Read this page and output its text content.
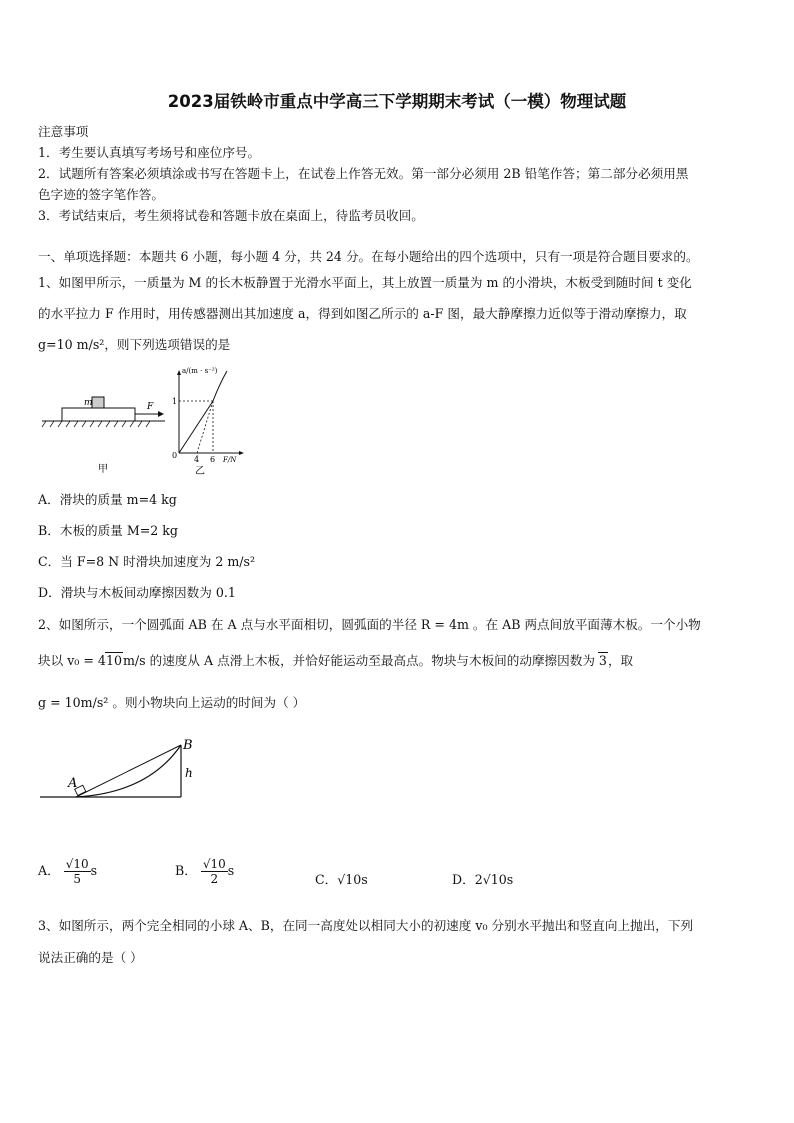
2023届铁岭市重点中学高三下学期期末考试（一模）物理试题
注意事项
1．考生要认真填写考场号和座位序号。
2．试题所有答案必须填涂或书写在答题卡上，在试卷上作答无效。第一部分必须用 2B 铅笔作答；第二部分必须用黑
色字迹的签字笔作答。
3．考试结束后，考生须将试卷和答题卡放在桌面上，待监考员收回。
一、单项选择题：本题共 6 小题，每小题 4 分，共 24 分。在每小题给出的四个选项中，只有一项是符合题目要求的。
1、如图甲所示，一质量为 M 的长木板静置于光滑水平面上，其上放置一质量为 m 的小滑块，木板受到随时间 t 变化
的水平拉力 F 作用时，用传感器测出其加速度 a，得到如图乙所示的 a-F 图，最大静摩擦力近似等于滑动摩擦力，取
g=10 m/s²，则下列选项错误的是
m	F
甲
a/(m · s⁻²)
1
0 4 6 F/N
乙
A．滑块的质量 m=4 kg
B．木板的质量 M=2 kg
C．当 F=8 N 时滑块加速度为 2 m/s²
D．滑块与木板间动摩擦因数为 0.1
2、如图所示，一个圆弧面 AB 在 A 点与水平面相切，圆弧面的半径 R = 4m 。在 AB 两点间放平面薄木板。一个小物
块以 v₀ = 410m/s 的速度从 A 点滑上木板，并恰好能运动至最高点。物块与木板间的动摩擦因数为 3，取
g = 10m/s² 。则小物块向上运动的时间为（ ）
A
B
h
A． $\frac{√10}{5}$ s	B． $\frac{√10}{2}$ s
C．√10s	D．2√10s
3、如图所示，两个完全相同的小球 A、B，在同一高度处以相同大小的初速度 v₀ 分别水平抛出和竖直向上抛出，下列
说法正确的是（ ）
